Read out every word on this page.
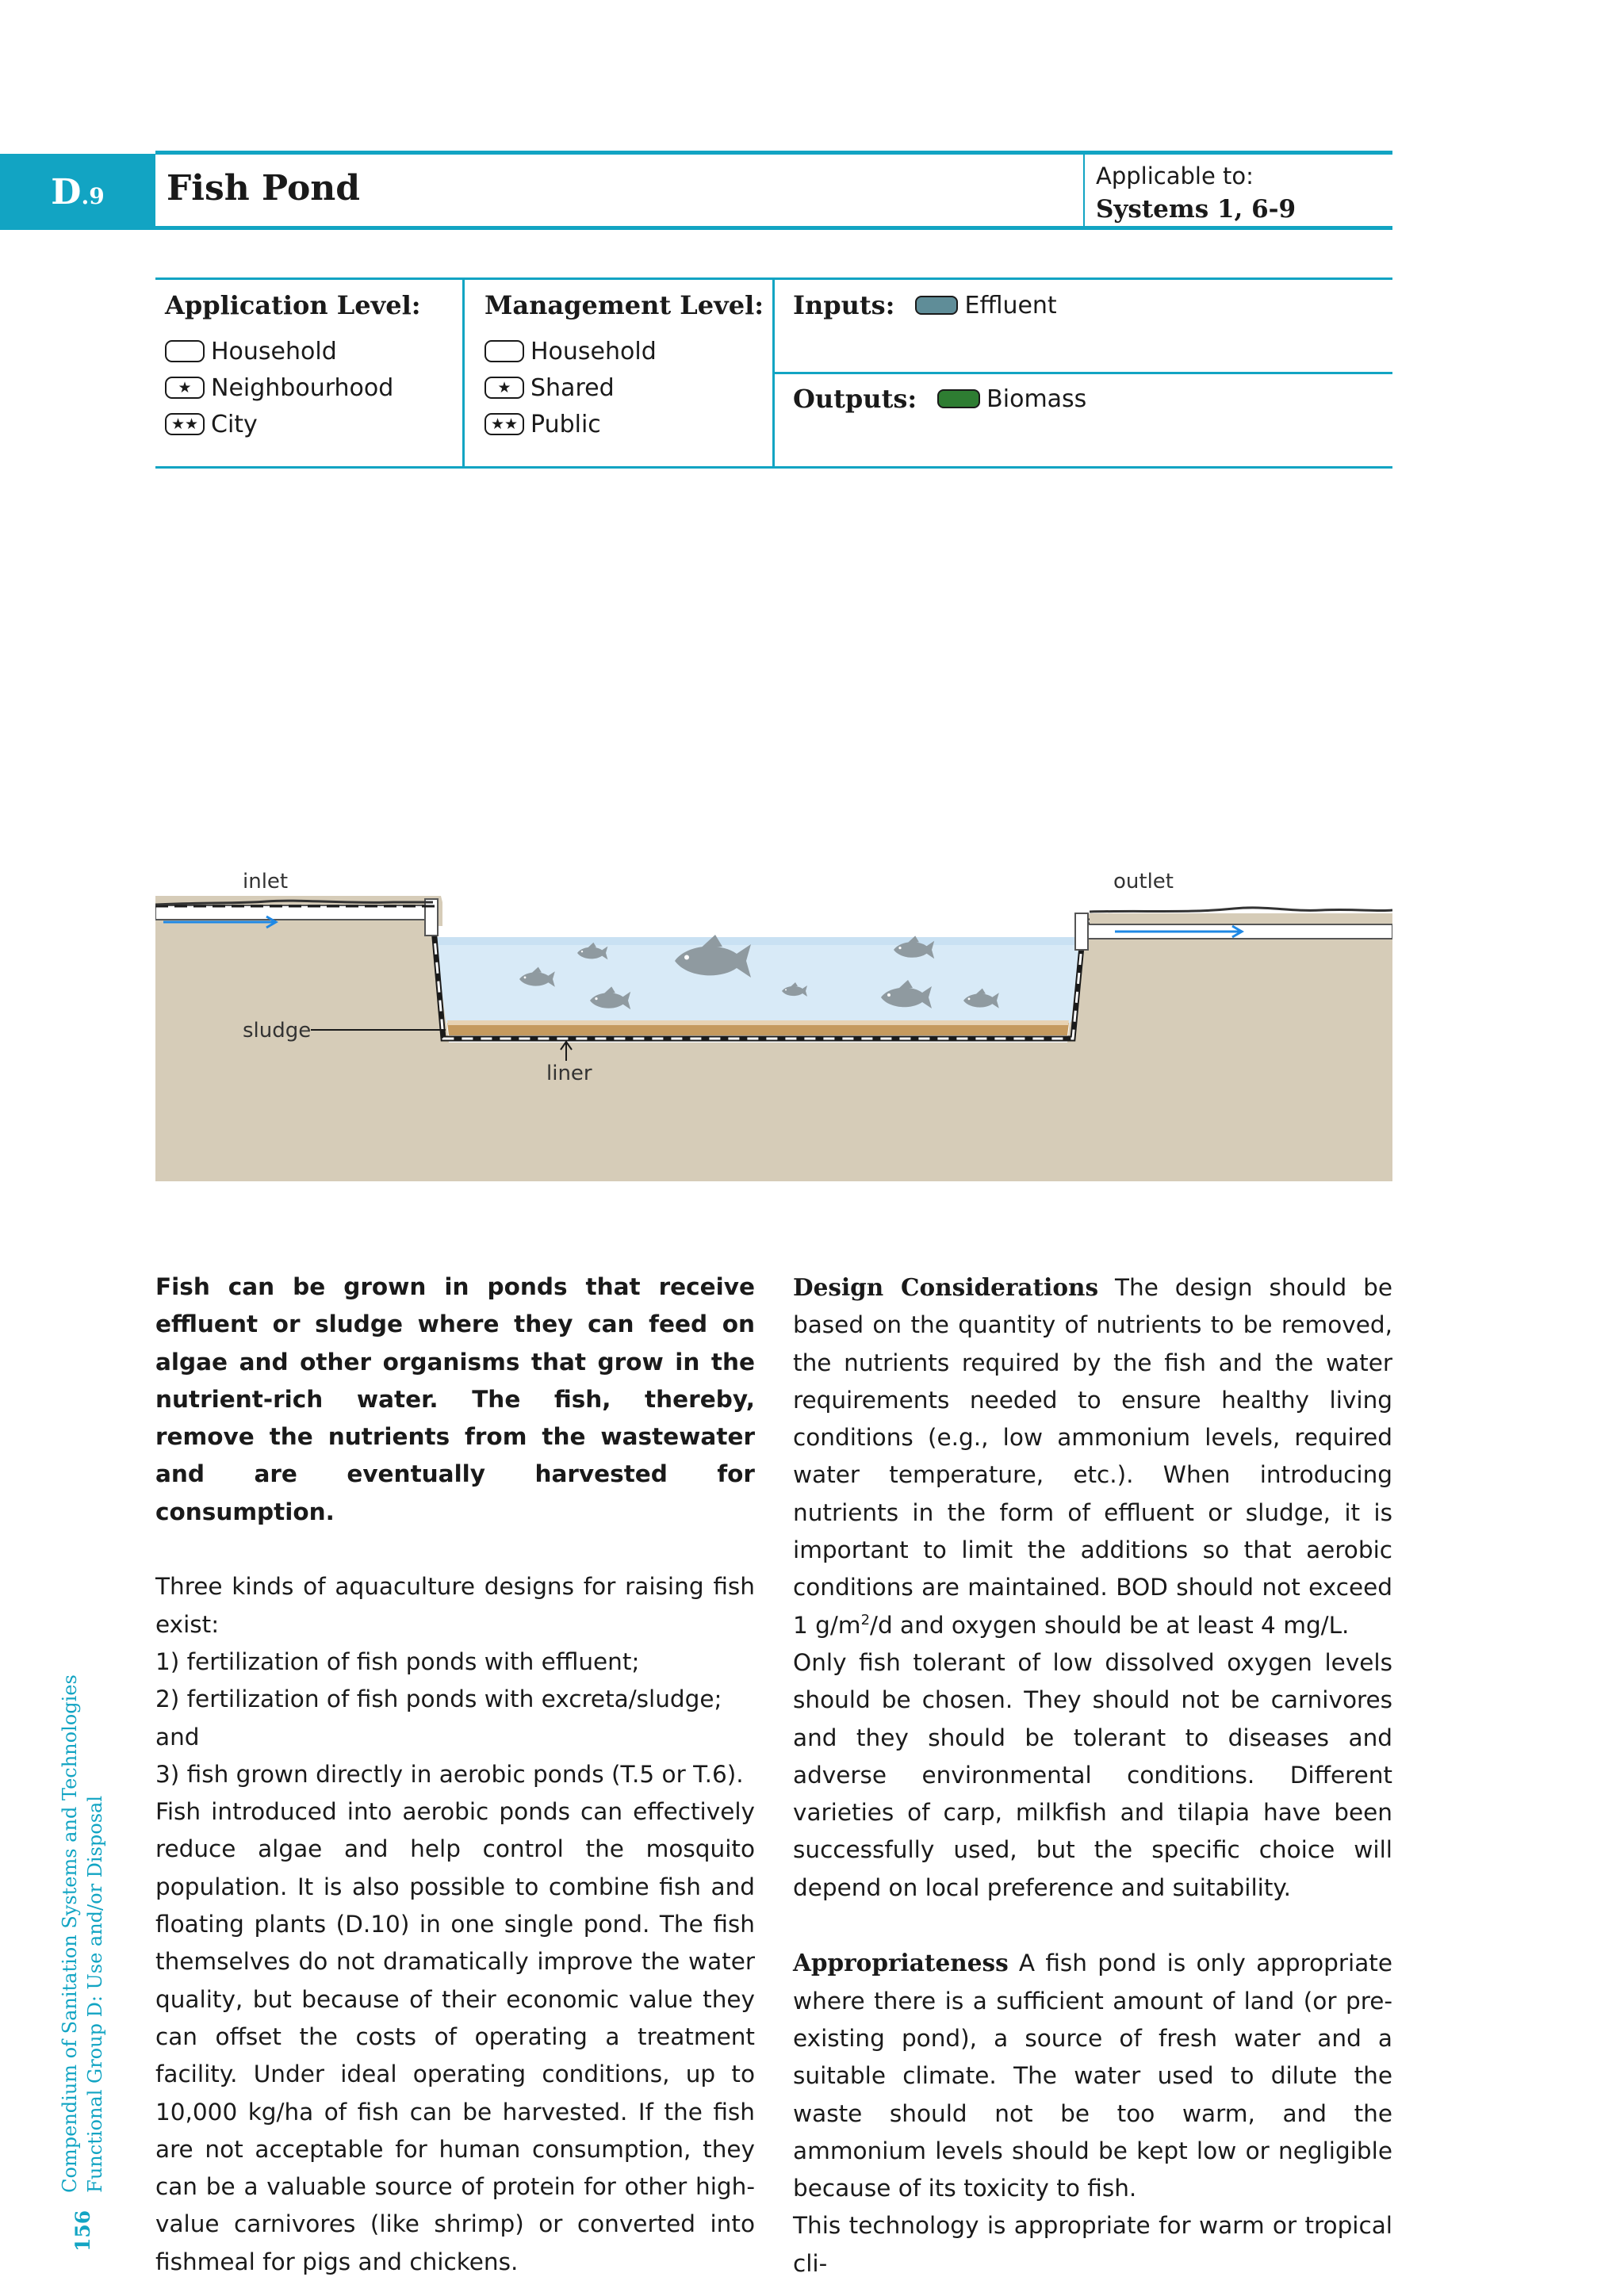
D .9 Fish Pond	Applicable to:
Systems 1, 6-9
Application Level:
Household
★ Neighbourhood
★★ City
Management Level:
Household
★ Shared
★★ Public
Inputs:	Effluent
Outputs:	Biomass
inlet	outlet
sludge
liner

Fish can be grown in ponds that receive effluent or sludge where they can feed on algae and other organisms that grow in the nutrient-rich water. The fish, thereby, remove the nutrients from the wastewater and are eventually harvested for consumption.

Three kinds of aquaculture designs for raising fish exist:

1) fertilization of fish ponds with effluent;

2) fertilization of fish ponds with excreta/sludge; and

3) fish grown directly in aerobic ponds (T.5 or T.6).

Fish introduced into aerobic ponds can effectively reduce algae and help control the mosquito population. It is also possible to combine fish and floating plants (D.10) in one single pond. The fish themselves do not dramatically improve the water quality, but because of their economic value they can offset the costs of operating a treatment facility. Under ideal operating conditions, up to 10,000 kg/ha of fish can be harvested. If the fish are not acceptable for human consumption, they can be a valuable source of protein for other high-value carnivores (like shrimp) or converted into fishmeal for pigs and chickens.

Design Considerations The design should be based on the quantity of nutrients to be removed, the nutrients required by the fish and the water requirements needed to ensure healthy living conditions (e.g., low ammonium levels, required water temperature, etc.). When introducing nutrients in the form of effluent or sludge, it is important to limit the additions so that aerobic conditions are maintained. BOD should not exceed 1 $g/m^2/d$ and oxygen should be at least 4 mg/L.

Only fish tolerant of low dissolved oxygen levels should be chosen. They should not be carnivores and they should be tolerant to diseases and adverse environmental conditions. Different varieties of carp, milkfish and tilapia have been successfully used, but the specific choice will depend on local preference and suitability.

Appropriateness A fish pond is only appropriate where there is a sufficient amount of land (or pre-existing pond), a source of fresh water and a suitable climate. The water used to dilute the waste should not be too warm, and the ammonium levels should be kept low or negligible because of its toxicity to fish.

This technology is appropriate for warm or tropical cli-

156
Compendium of Sanitation Systems and Technologies Functional Group D: Use and/or Disposal
